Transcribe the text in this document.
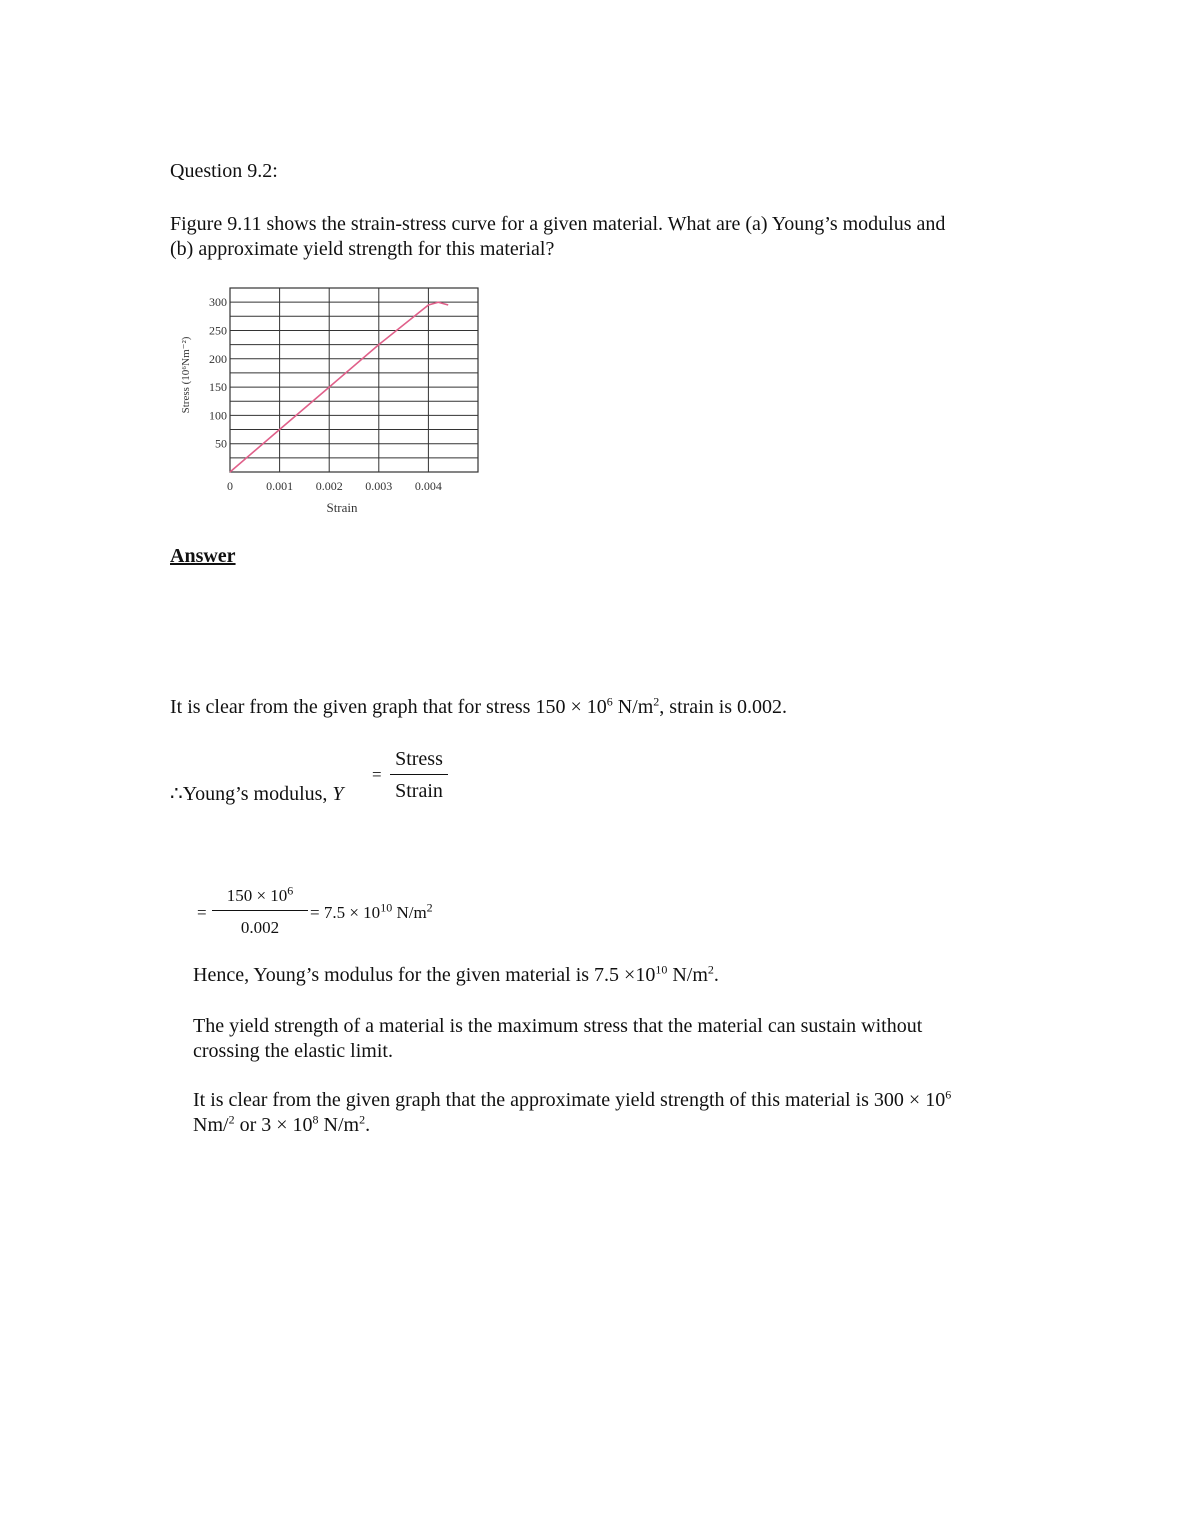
Question 9.2:

Figure 9.11 shows the strain-stress curve for a given material. What are (a) Young’s modulus and (b) approximate yield strength for this material?

50
100
150
200
250
300
0	0.001 0.002 0.003 0.004
Stress (10⁶Nm⁻²)
Strain
Answer

It is clear from the given graph that for stress $150 \times 10^6$ $N/m^2$, strain is 0.002.

∴Young’s modulus, Y
=
Stress
Strain
= $\frac{150 \times 10^6}{0.002} = 7.5 \times 10^{10}$ $N/m^2$

Hence, Young’s modulus for the given material is $7.5 \times 10^{10}$ $N/m^2$.

The yield strength of a material is the maximum stress that the material can sustain without crossing the elastic limit.

It is clear from the given graph that the approximate yield strength of this material is $300 \times 10^6$ Nm/$^2$ or $3 \times 10^8$ $N/m^2$.
